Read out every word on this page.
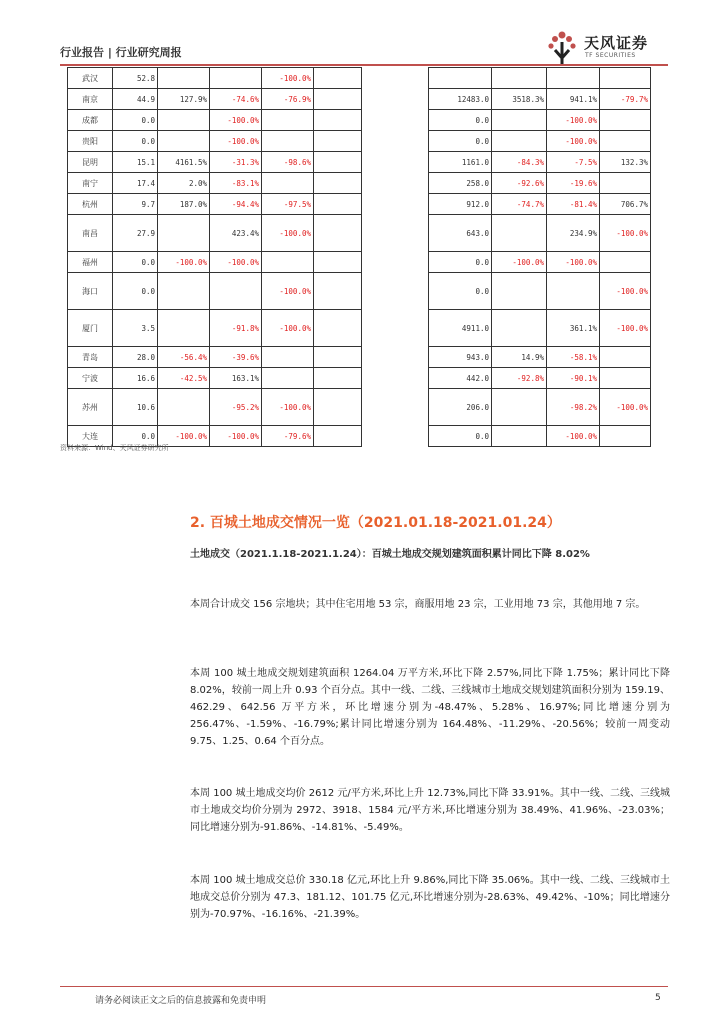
行业报告 | 行业研究周报
天风证券
TF SECURITIES
武汉	52.8			-100.0%	
南京	44.9	127.9%	-74.6%	-76.9%	
成都	0.0		-100.0%		
贵阳	0.0		-100.0%		
昆明	15.1	4161.5%	-31.3%	-98.6%	
南宁	17.4	2.0%	-83.1%		
杭州	9.7	187.0%	-94.4%	-97.5%	
南昌	27.9		423.4%	-100.0%	
福州	0.0	-100.0%	-100.0%		
海口	0.0			-100.0%	
厦门	3.5		-91.8%	-100.0%	
青岛	28.0	-56.4%	-39.6%		
宁波	16.6	-42.5%	163.1%		
苏州	10.6		-95.2%	-100.0%	
大连	0.0	-100.0%	-100.0%	-79.6%	

12483.0	3518.3%	941.1%	-79.7%
0.0		-100.0%	
0.0		-100.0%	
1161.0	-84.3%	-7.5%	132.3%
258.0	-92.6%	-19.6%	
912.0	-74.7%	-81.4%	706.7%
643.0		234.9%	-100.0%
0.0	-100.0%	-100.0%	
0.0			-100.0%
4911.0		361.1%	-100.0%
943.0	14.9%	-58.1%	
442.0	-92.8%	-90.1%	
206.0		-98.2%	-100.0%
0.0		-100.0%	
资料来源：Wind、天风证券研究所
2. 百城土地成交情况一览（2021.01.18-2021.01.24）
土地成交（2021.1.18-2021.1.24）：百城土地成交规划建筑面积累计同比下降 8.02%
本周合计成交 156 宗地块；其中住宅用地 53 宗，商服用地 23 宗，工业用地 73 宗，其他用地 7 宗。
本周 100 城土地成交规划建筑面积 1264.04 万平方米,环比下降 2.57%,同比下降 1.75%；累计同比下降 8.02%，较前一周上升 0.93 个百分点。其中一线、二线、三线城市土地成交规划建筑面积分别为 159.19、462.29、642.56 万平方米，环比增速分别为-48.47%、5.28%、16.97%;同比增速分别为 256.47%、-1.59%、-16.79%;累计同比增速分别为 164.48%、-11.29%、-20.56%；较前一周变动 9.75、1.25、0.64 个百分点。
本周 100 城土地成交均价 2612 元/平方米,环比上升 12.73%,同比下降 33.91%。其中一线、二线、三线城市土地成交均价分别为 2972、3918、1584 元/平方米,环比增速分别为 38.49%、41.96%、-23.03%；同比增速分别为-91.86%、-14.81%、-5.49%。
本周 100 城土地成交总价 330.18 亿元,环比上升 9.86%,同比下降 35.06%。其中一线、二线、三线城市土地成交总价分别为 47.3、181.12、101.75 亿元,环比增速分别为-28.63%、49.42%、-10%；同比增速分别为-70.97%、-16.16%、-21.39%。
请务必阅读正文之后的信息披露和免责申明	5
